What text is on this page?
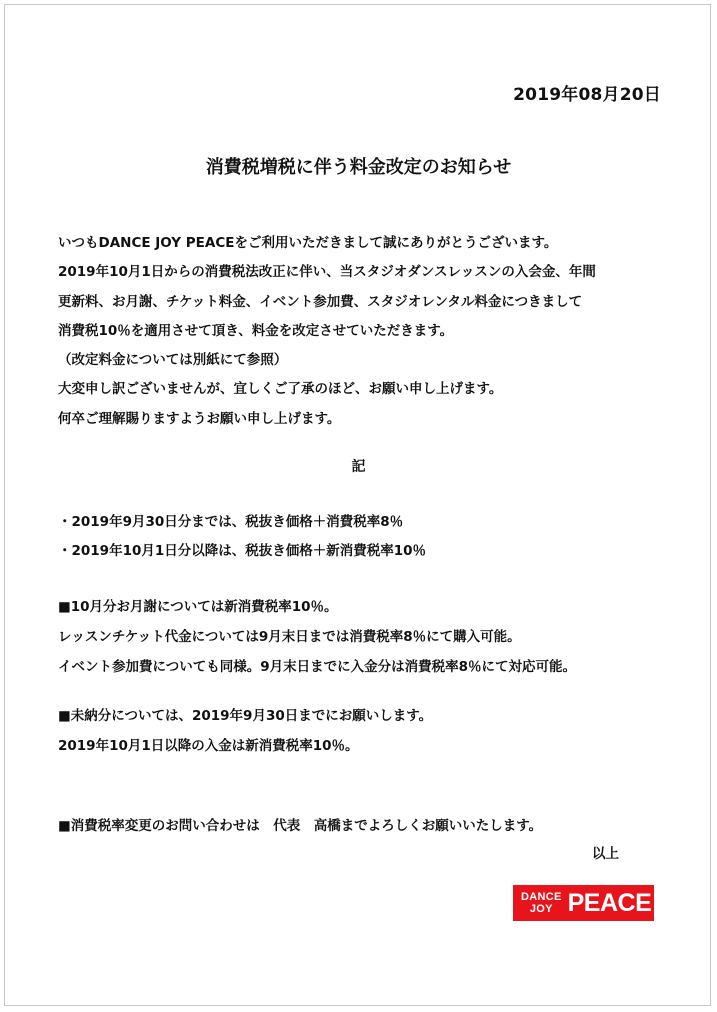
2019年08月20日
消費税増税に伴う料金改定のお知らせ
いつもDANCE JOY PEACEをご利用いただきまして誠にありがとうございます。
2019年10月1日からの消費税法改正に伴い、当スタジオダンスレッスンの入会金、年間
更新料、お月謝、チケット料金、イベント参加費、スタジオレンタル料金につきまして
消費税10％を適用させて頂き、料金を改定させていただきます。
（改定料金については別紙にて参照）
大変申し訳ございませんが、宜しくご了承のほど、お願い申し上げます。
何卒ご理解賜りますようお願い申し上げます。
記
・2019年9月30日分までは、税抜き価格＋消費税率8％
・2019年10月1日分以降は、税抜き価格＋新消費税率10％
■10月分お月謝については新消費税率10％。
レッスンチケット代金については9月末日までは消費税率8％にて購入可能。
イベント参加費についても同様。9月末日までに入金分は消費税率8％にて対応可能。
■未納分については、2019年9月30日までにお願いします。
2019年10月1日以降の入金は新消費税率10％。
■消費税率変更のお問い合わせは　代表　高橋までよろしくお願いいたします。
以上
DANCE
JOY PEACE
